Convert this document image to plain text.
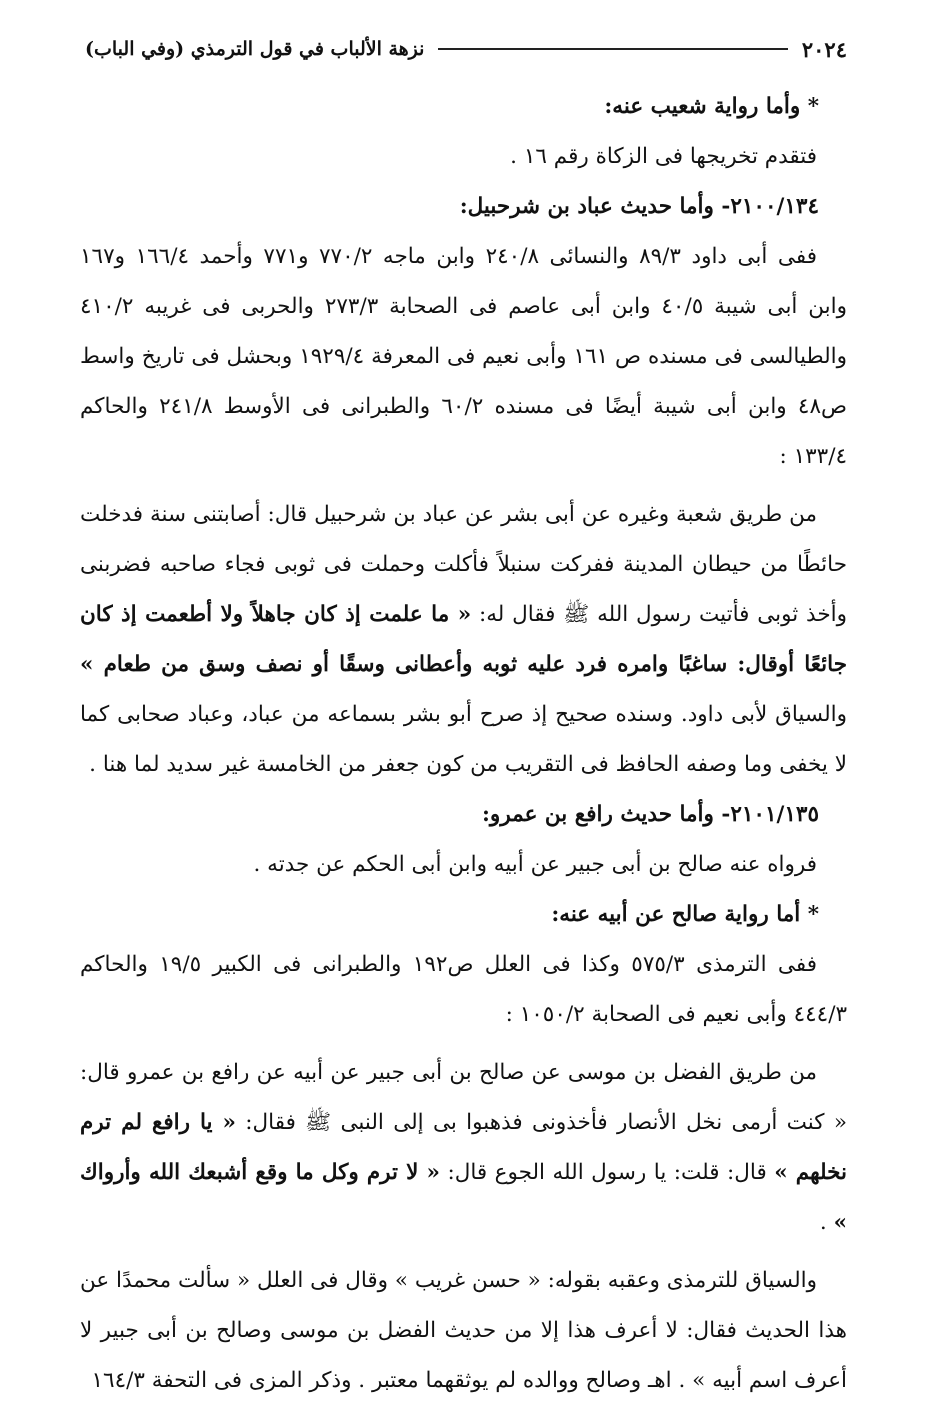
نزهة الألباب في قول الترمذي (وفي الباب)	٢٠٢٤

* وأما رواية شعيب عنه:

فتقدم تخريجها فى الزكاة رقم ١٦ .

٢١٠٠/١٣٤- وأما حديث عباد بن شرحبيل:

ففى أبى داود ٨٩/٣ والنسائى ٢٤٠/٨ وابن ماجه ٧٧٠/٢ و٧٧١ وأحمد ١٦٦/٤ و١٦٧ وابن أبى شيبة ٤٠/٥ وابن أبى عاصم فى الصحابة ٢٧٣/٣ والحربى فى غريبه ٤١٠/٢ والطيالسى فى مسنده ص ١٦١ وأبى نعيم فى المعرفة ١٩٢٩/٤ وبحشل فى تاريخ واسط ص٤٨ وابن أبى شيبة أيضًا فى مسنده ٦٠/٢ والطبرانى فى الأوسط ٢٤١/٨ والحاكم ١٣٣/٤ :

من طريق شعبة وغيره عن أبى بشر عن عباد بن شرحبيل قال: أصابتنى سنة فدخلت حائطًا من حيطان المدينة ففركت سنبلاً فأكلت وحملت فى ثوبى فجاء صاحبه فضربنى وأخذ ثوبى فأتيت رسول الله ﷺ فقال له: « ما علمت إذ كان جاهلاً ولا أطعمت إذ كان جائعًا أوقال: ساغبًا وامره فرد عليه ثوبه وأعطانى وسقًا أو نصف وسق من طعام » والسياق لأبى داود. وسنده صحيح إذ صرح أبو بشر بسماعه من عباد، وعباد صحابى كما لا يخفى وما وصفه الحافظ فى التقريب من كون جعفر من الخامسة غير سديد لما هنا .

٢١٠١/١٣٥- وأما حديث رافع بن عمرو:

فرواه عنه صالح بن أبى جبير عن أبيه وابن أبى الحكم عن جدته .

* أما رواية صالح عن أبيه عنه:

ففى الترمذى ٥٧٥/٣ وكذا فى العلل ص١٩٢ والطبرانى فى الكبير ١٩/٥ والحاكم ٤٤٤/٣ وأبى نعيم فى الصحابة ١٠٥٠/٢ :

من طريق الفضل بن موسى عن صالح بن أبى جبير عن أبيه عن رافع بن عمرو قال: « كنت أرمى نخل الأنصار فأخذونى فذهبوا بى إلى النبى ﷺ فقال: « يا رافع لم ترم نخلهم » قال: قلت: يا رسول الله الجوع قال: « لا ترم وكل ما وقع أشبعك الله وأرواك » .

والسياق للترمذى وعقبه بقوله: « حسن غريب » وقال فى العلل « سألت محمدًا عن هذا الحديث فقال: لا أعرف هذا إلا من حديث الفضل بن موسى وصالح بن أبى جبير لا أعرف اسم أبيه » . اهـ وصالح ووالده لم يوثقهما معتبر . وذكر المزى فى التحفة ١٦٤/٣
